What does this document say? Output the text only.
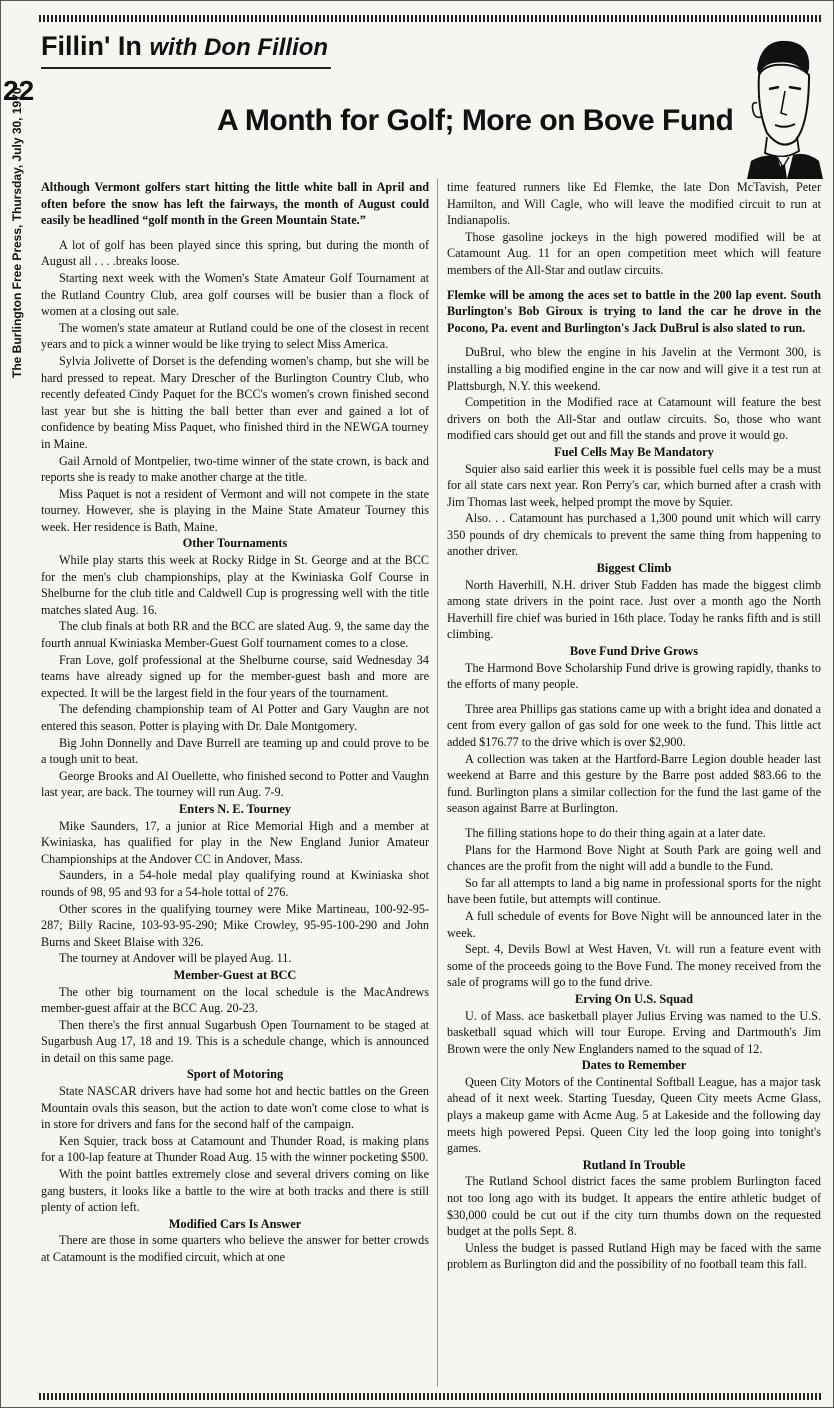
22
The Burlington Free Press, Thursday, July 30, 1970
Fillin' In with Don Fillion
A Month for Golf; More on Bove Fund

Although Vermont golfers start hitting the little white ball in April and often before the snow has left the fairways, the month of August could easily be headlined “golf month in the Green Mountain State.”

A lot of golf has been played since this spring, but during the month of August all . . . .breaks loose.

Starting next week with the Women's State Amateur Golf Tournament at the Rutland Country Club, area golf courses will be busier than a flock of women at a closing out sale.

The women's state amateur at Rutland could be one of the closest in recent years and to pick a winner would be like trying to select Miss America.

Sylvia Jolivette of Dorset is the defending women's champ, but she will be hard pressed to repeat. Mary Drescher of the Burlington Country Club, who recently defeated Cindy Paquet for the BCC's women's crown finished second last year but she is hitting the ball better than ever and gained a lot of confidence by beating Miss Paquet, who finished third in the NEWGA tourney in Maine.

Gail Arnold of Montpelier, two-time winner of the state crown, is back and reports she is ready to make another charge at the title.

Miss Paquet is not a resident of Vermont and will not compete in the state tourney. However, she is playing in the Maine State Amateur Tourney this week. Her residence is Bath, Maine.

Other Tournaments

While play starts this week at Rocky Ridge in St. George and at the BCC for the men's club championships, play at the Kwiniaska Golf Course in Shelburne for the club title and Caldwell Cup is progressing well with the title matches slated Aug. 16.

The club finals at both RR and the BCC are slated Aug. 9, the same day the fourth annual Kwiniaska Member-Guest Golf tournament comes to a close.

Fran Love, golf professional at the Shelburne course, said Wednesday 34 teams have already signed up for the member-guest bash and more are expected. It will be the largest field in the four years of the tournament.

The defending championship team of Al Potter and Gary Vaughn are not entered this season. Potter is playing with Dr. Dale Montgomery.

Big John Donnelly and Dave Burrell are teaming up and could prove to be a tough unit to beat.

George Brooks and Al Ouellette, who finished second to Potter and Vaughn last year, are back. The tourney will run Aug. 7-9.

Enters N. E. Tourney

Mike Saunders, 17, a junior at Rice Memorial High and a member at Kwiniaska, has qualified for play in the New England Junior Amateur Championships at the Andover CC in Andover, Mass.

Saunders, in a 54-hole medal play qualifying round at Kwiniaska shot rounds of 98, 95 and 93 for a 54-hole tottal of 276.

Other scores in the qualifying tourney were Mike Martineau, 100-92-95-287; Billy Racine, 103-93-95-290; Mike Crowley, 95-95-100-290 and John Burns and Skeet Blaise with 326.

The tourney at Andover will be played Aug. 11.

Member-Guest at BCC

The other big tournament on the local schedule is the MacAndrews member-guest affair at the BCC Aug. 20-23.

Then there's the first annual Sugarbush Open Tournament to be staged at Sugarbush Aug 17, 18 and 19. This is a schedule change, which is announced in detail on this same page.

Sport of Motoring

State NASCAR drivers have had some hot and hectic battles on the Green Mountain ovals this season, but the action to date won't come close to what is in store for drivers and fans for the second half of the campaign.

Ken Squier, track boss at Catamount and Thunder Road, is making plans for a 100-lap feature at Thunder Road Aug. 15 with the winner pocketing $500.

With the point battles extremely close and several drivers coming on like gang busters, it looks like a battle to the wire at both tracks and there is still plenty of action left.

Modified Cars Is Answer

There are those in some quarters who believe the answer for better crowds at Catamount is the modified circuit, which at one

time featured runners like Ed Flemke, the late Don McTavish, Peter Hamilton, and Will Cagle, who will leave the modified circuit to run at Indianapolis.

Those gasoline jockeys in the high powered modified will be at Catamount Aug. 11 for an open competition meet which will feature members of the All-Star and outlaw circuits.

Flemke will be among the aces set to battle in the 200 lap event. South Burlington's Bob Giroux is trying to land the car he drove in the Pocono, Pa. event and Burlington's Jack DuBrul is also slated to run.

DuBrul, who blew the engine in his Javelin at the Vermont 300, is installing a big modified engine in the car now and will give it a test run at Plattsburgh, N.Y. this weekend.

Competition in the Modified race at Catamount will feature the best drivers on both the All-Star and outlaw circuits. So, those who want modified cars should get out and fill the stands and prove it would go.

Fuel Cells May Be Mandatory

Squier also said earlier this week it is possible fuel cells may be a must for all state cars next year. Ron Perry's car, which burned after a crash with Jim Thomas last week, helped prompt the move by Squier.

Also. . . Catamount has purchased a 1,300 pound unit which will carry 350 pounds of dry chemicals to prevent the same thing from happening to another driver.

Biggest Climb

North Haverhill, N.H. driver Stub Fadden has made the biggest climb among state drivers in the point race. Just over a month ago the North Haverhill fire chief was buried in 16th place. Today he ranks fifth and is still climbing.

Bove Fund Drive Grows

The Harmond Bove Scholarship Fund drive is growing rapidly, thanks to the efforts of many people.

Three area Phillips gas stations came up with a bright idea and donated a cent from every gallon of gas sold for one week to the fund. This little act added $176.77 to the drive which is over $2,900.

A collection was taken at the Hartford-Barre Legion double header last weekend at Barre and this gesture by the Barre post added $83.66 to the fund. Burlington plans a similar collection for the fund the last game of the season against Barre at Burlington.

The filling stations hope to do their thing again at a later date.

Plans for the Harmond Bove Night at South Park are going well and chances are the profit from the night will add a bundle to the Fund.

So far all attempts to land a big name in professional sports for the night have been futile, but attempts will continue.

A full schedule of events for Bove Night will be announced later in the week.

Sept. 4, Devils Bowl at West Haven, Vt. will run a feature event with some of the proceeds going to the Bove Fund. The money received from the sale of programs will go to the fund drive.

Erving On U.S. Squad

U. of Mass. ace basketball player Julius Erving was named to the U.S. basketball squad which will tour Europe. Erving and Dartmouth's Jim Brown were the only New Englanders named to the squad of 12.

Dates to Remember

Queen City Motors of the Continental Softball League, has a major task ahead of it next week. Starting Tuesday, Queen City meets Acme Glass, plays a makeup game with Acme Aug. 5 at Lakeside and the following day meets high powered Pepsi. Queen City led the loop going into tonight's games.

Rutland In Trouble

The Rutland School district faces the same problem Burlington faced not too long ago with its budget. It appears the entire athletic budget of $30,000 could be cut out if the city turn thumbs down on the requested budget at the polls Sept. 8.

Unless the budget is passed Rutland High may be faced with the same problem as Burlington did and the possibility of no football team this fall.
